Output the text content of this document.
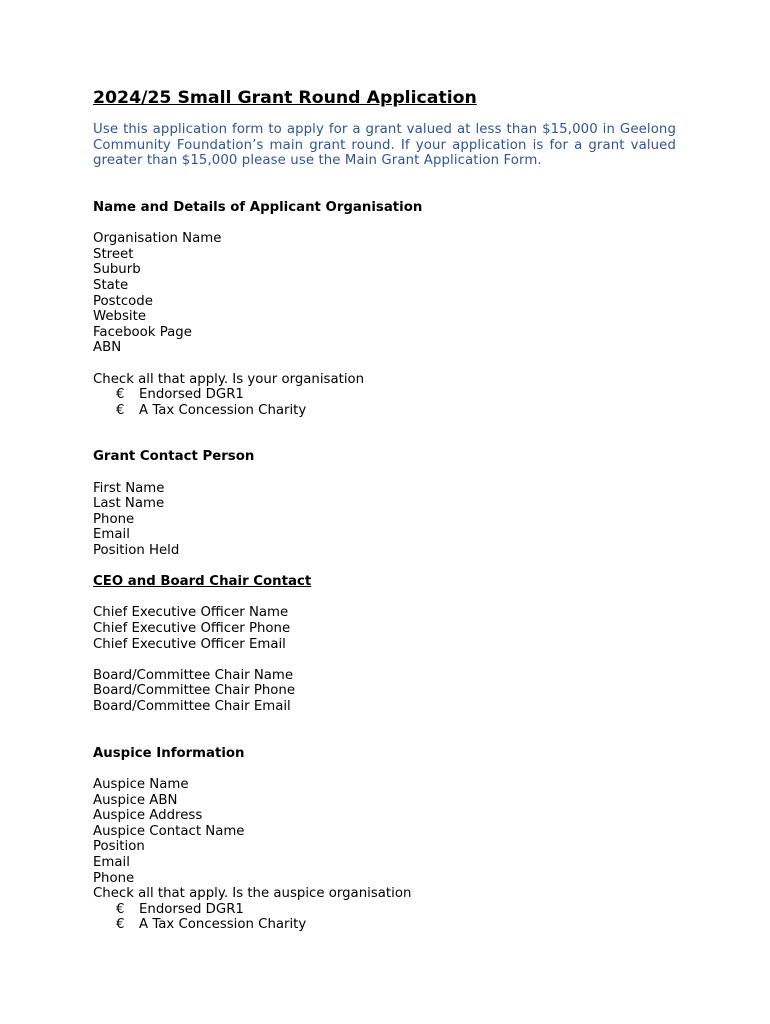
2024/25 Small Grant Round Application

Use this application form to apply for a grant valued at less than $15,000 in Geelong Community Foundation’s main grant round. If your application is for a grant valued greater than $15,000 please use the Main Grant Application Form.

Name and Details of Applicant Organisation

Organisation Name

Street

Suburb

State

Postcode

Website

Facebook Page

ABN

Check all that apply. Is your organisation

€ Endorsed DGR1

€ A Tax Concession Charity

Grant Contact Person

First Name

Last Name

Phone

Email

Position Held

CEO and Board Chair Contact

Chief Executive Officer Name

Chief Executive Officer Phone

Chief Executive Officer Email

Board/Committee Chair Name

Board/Committee Chair Phone

Board/Committee Chair Email

Auspice Information

Auspice Name

Auspice ABN

Auspice Address

Auspice Contact Name

Position

Email

Phone

Check all that apply. Is the auspice organisation

€ Endorsed DGR1

€ A Tax Concession Charity
